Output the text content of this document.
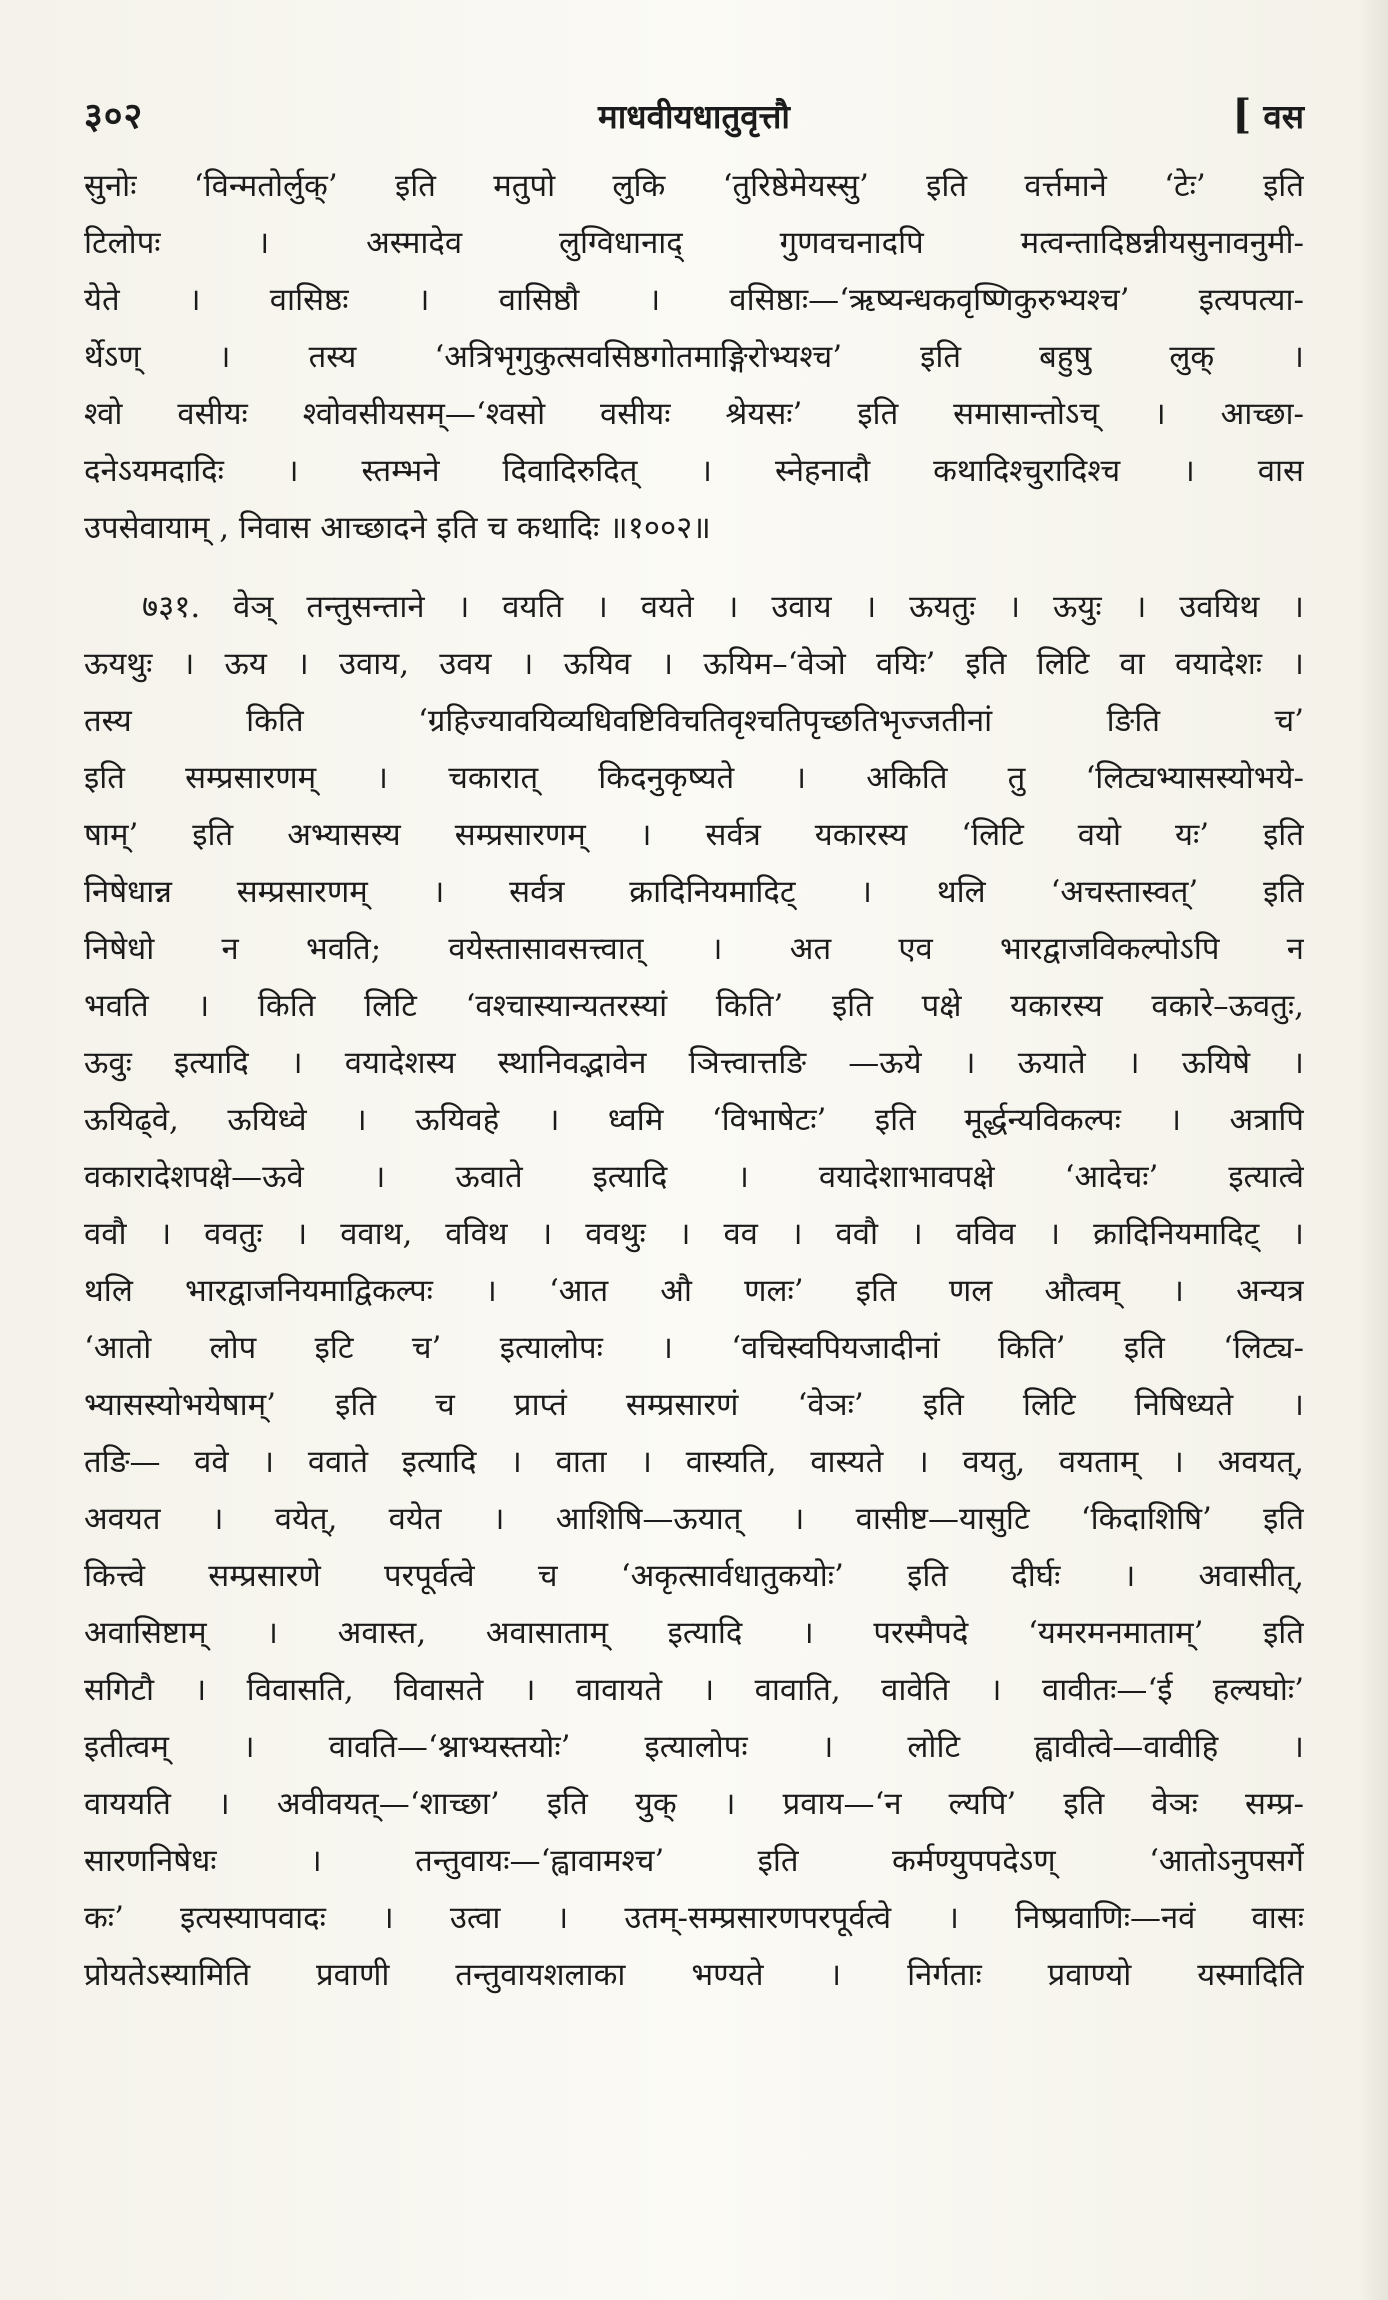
३०२	माधवीयधातुवृत्तौ	[ वस
सुनोः ‘विन्मतोर्लुक्’ इति मतुपो लुकि ‘तुरिष्ठेमेयस्सु’ इति वर्त्तमाने ‘टेः’ इति
टिलोपः । अस्मादेव लुग्विधानाद् गुणवचनादपि मत्वन्तादिष्ठन्नीयसुनावनुमी-
येते । वासिष्ठः । वासिष्ठौ । वसिष्ठाः—‘ऋष्यन्धकवृष्णिकुरुभ्यश्च’ इत्यपत्या-
र्थेऽण् । तस्य ‘अत्रिभृगुकुत्सवसिष्ठगोतमाङ्गिरोभ्यश्च’ इति बहुषु लुक् ।
श्वो वसीयः श्वोवसीयसम्—‘श्वसो वसीयः श्रेयसः’ इति समासान्तोऽच् । आच्छा-
दनेऽयमदादिः । स्तम्भने दिवादिरुदित् । स्नेहनादौ कथादिश्चुरादिश्च । वास
उपसेवायाम् , निवास आच्छादने इति च कथादिः ॥१००२॥
७३१. वेञ् तन्तुसन्ताने । वयति । वयते । उवाय । ऊयतुः । ऊयुः । उवयिथ ।
ऊयथुः । ऊय । उवाय, उवय । ऊयिव । ऊयिम–‘वेञो वयिः’ इति लिटि वा वयादेशः ।
तस्य किति ‘ग्रहिज्यावयिव्यधिवष्टिविचतिवृश्चतिपृच्छतिभृज्जतीनां ङिति च’
इति सम्प्रसारणम् । चकारात् किदनुकृष्यते । अकिति तु ‘लिट्यभ्यासस्योभये-
षाम्’ इति अभ्यासस्य सम्प्रसारणम् । सर्वत्र यकारस्य ‘लिटि वयो यः’ इति
निषेधान्न सम्प्रसारणम् । सर्वत्र क्रादिनियमादिट् । थलि ‘अचस्तास्वत्’ इति
निषेधो न भवति; वयेस्तासावसत्त्वात् । अत एव भारद्वाजविकल्पोऽपि न
भवति । किति लिटि ‘वश्चास्यान्यतरस्यां किति’ इति पक्षे यकारस्य वकारे–ऊवतुः,
ऊवुः इत्यादि । वयादेशस्य स्थानिवद्भावेन ञित्त्वात्तङि —ऊये । ऊयाते । ऊयिषे ।
ऊयिढ्वे, ऊयिध्वे । ऊयिवहे । ध्वमि ‘विभाषेटः’ इति मूर्द्धन्यविकल्पः । अत्रापि
वकारादेशपक्षे—ऊवे । ऊवाते इत्यादि । वयादेशाभावपक्षे ‘आदेचः’ इत्यात्वे
ववौ । ववतुः । ववाथ, वविथ । ववथुः । वव । ववौ । वविव । क्रादिनियमादिट् ।
थलि भारद्वाजनियमाद्विकल्पः । ‘आत औ णलः’ इति णल औत्वम् । अन्यत्र
‘आतो लोप इटि च’ इत्यालोपः । ‘वचिस्वपियजादीनां किति’ इति ‘लिट्य-
भ्यासस्योभयेषाम्’ इति च प्राप्तं सम्प्रसारणं ‘वेञः’ इति लिटि निषिध्यते ।
तङि— ववे । ववाते इत्यादि । वाता । वास्यति, वास्यते । वयतु, वयताम् । अवयत्,
अवयत । वयेत्, वयेत । आशिषि—ऊयात् । वासीष्ट—यासुटि ‘किदाशिषि’ इति
कित्त्वे सम्प्रसारणे परपूर्वत्वे च ‘अकृत्सार्वधातुकयोः’ इति दीर्घः । अवासीत्,
अवासिष्टाम् । अवास्त, अवासाताम् इत्यादि । परस्मैपदे ‘यमरमनमाताम्’ इति
सगिटौ । विवासति, विवासते । वावायते । वावाति, वावेति । वावीतः—‘ई हल्यघोः’
इतीत्वम् । वावति—‘श्नाभ्यस्तयोः’ इत्यालोपः । लोटि ह्वावीत्वे—वावीहि ।
वाययति । अवीवयत्—‘शाच्छा’ इति युक् । प्रवाय—‘न ल्यपि’ इति वेञः सम्प्र-
सारणनिषेधः । तन्तुवायः—‘ह्वावामश्च’ इति कर्मण्युपपदेऽण् ‘आतोऽनुपसर्गे
कः’ इत्यस्यापवादः । उत्वा । उतम्-सम्प्रसारणपरपूर्वत्वे । निष्प्रवाणिः—नवं वासः
प्रोयतेऽस्यामिति प्रवाणी तन्तुवायशलाका भण्यते । निर्गताः प्रवाण्यो यस्मादिति
